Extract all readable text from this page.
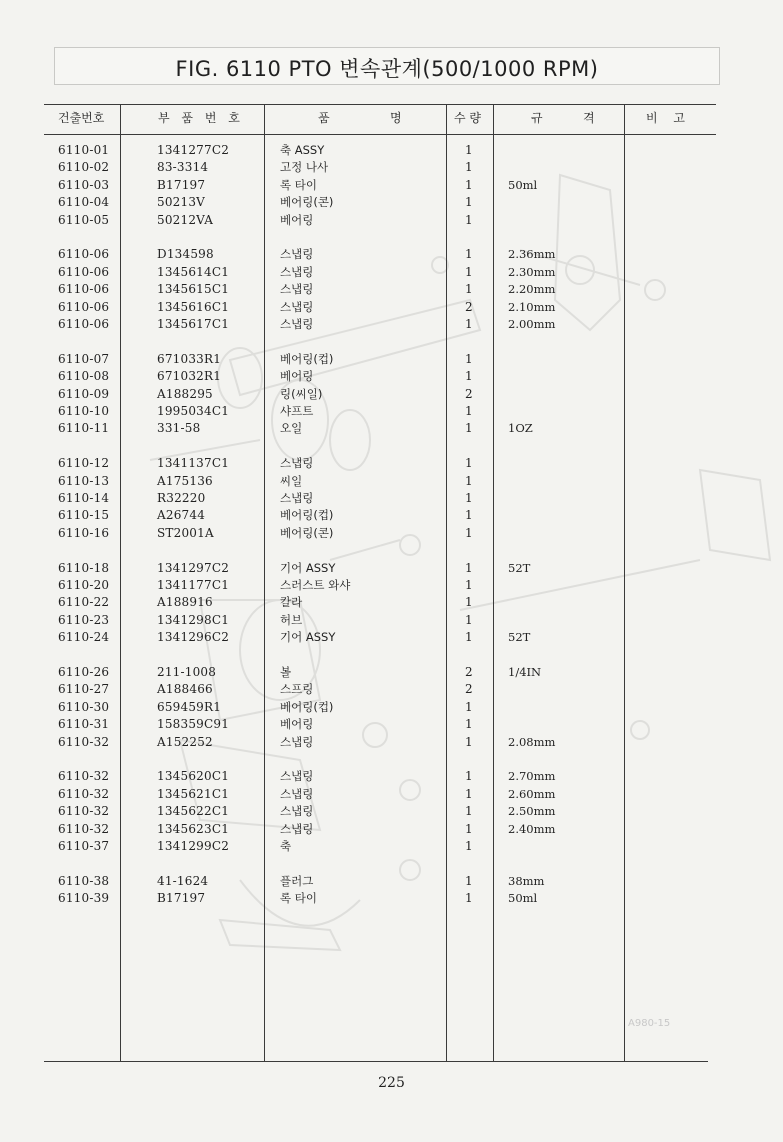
FIG. 6110 PTO 변속관계(500/1000 RPM)
건출번호	부 품 번 호	품	명	수 량	규	격	비 고
6110-01	1341277C2	축 ASSY	1
6110-02	83-3314	고정 나사	1
6110-03	B17197	록 타이	1	50ml
6110-04	50213V	베어링(콘)	1
6110-05	50212VA	베어링	1
6110-06	D134598	스냅링	1	2.36mm
6110-06	1345614C1	스냅링	1	2.30mm
6110-06	1345615C1	스냅링	1	2.20mm
6110-06	1345616C1	스냅링	2	2.10mm
6110-06	1345617C1	스냅링	1	2.00mm
6110-07	671033R1	베어링(컵)	1
6110-08	671032R1	베어링	1
6110-09	A188295	링(씨일)	2
6110-10	1995034C1	샤프트	1
6110-11	331-58	오일	1	1OZ
6110-12	1341137C1	스냅링	1
6110-13	A175136	씨일	1
6110-14	R32220	스냅링	1
6110-15	A26744	베어링(컵)	1
6110-16	ST2001A	베어링(콘)	1
6110-18	1341297C2	기어 ASSY	1	52T
6110-20	1341177C1	스러스트 와샤	1
6110-22	A188916	칼라	1
6110-23	1341298C1	허브	1
6110-24	1341296C2	기어 ASSY	1	52T
6110-26	211-1008	볼	2	1/4IN
6110-27	A188466	스프링	2
6110-30	659459R1	베어링(컵)	1
6110-31	158359C91	베어링	1
6110-32	A152252	스냅링	1	2.08mm
6110-32	1345620C1	스냅링	1	2.70mm
6110-32	1345621C1	스냅링	1	2.60mm
6110-32	1345622C1	스냅링	1	2.50mm
6110-32	1345623C1	스냅링	1	2.40mm
6110-37	1341299C2	축	1
6110-38	41-1624	플러그	1	38mm
6110-39	B17197	록 타이	1	50ml
225
A980-15
